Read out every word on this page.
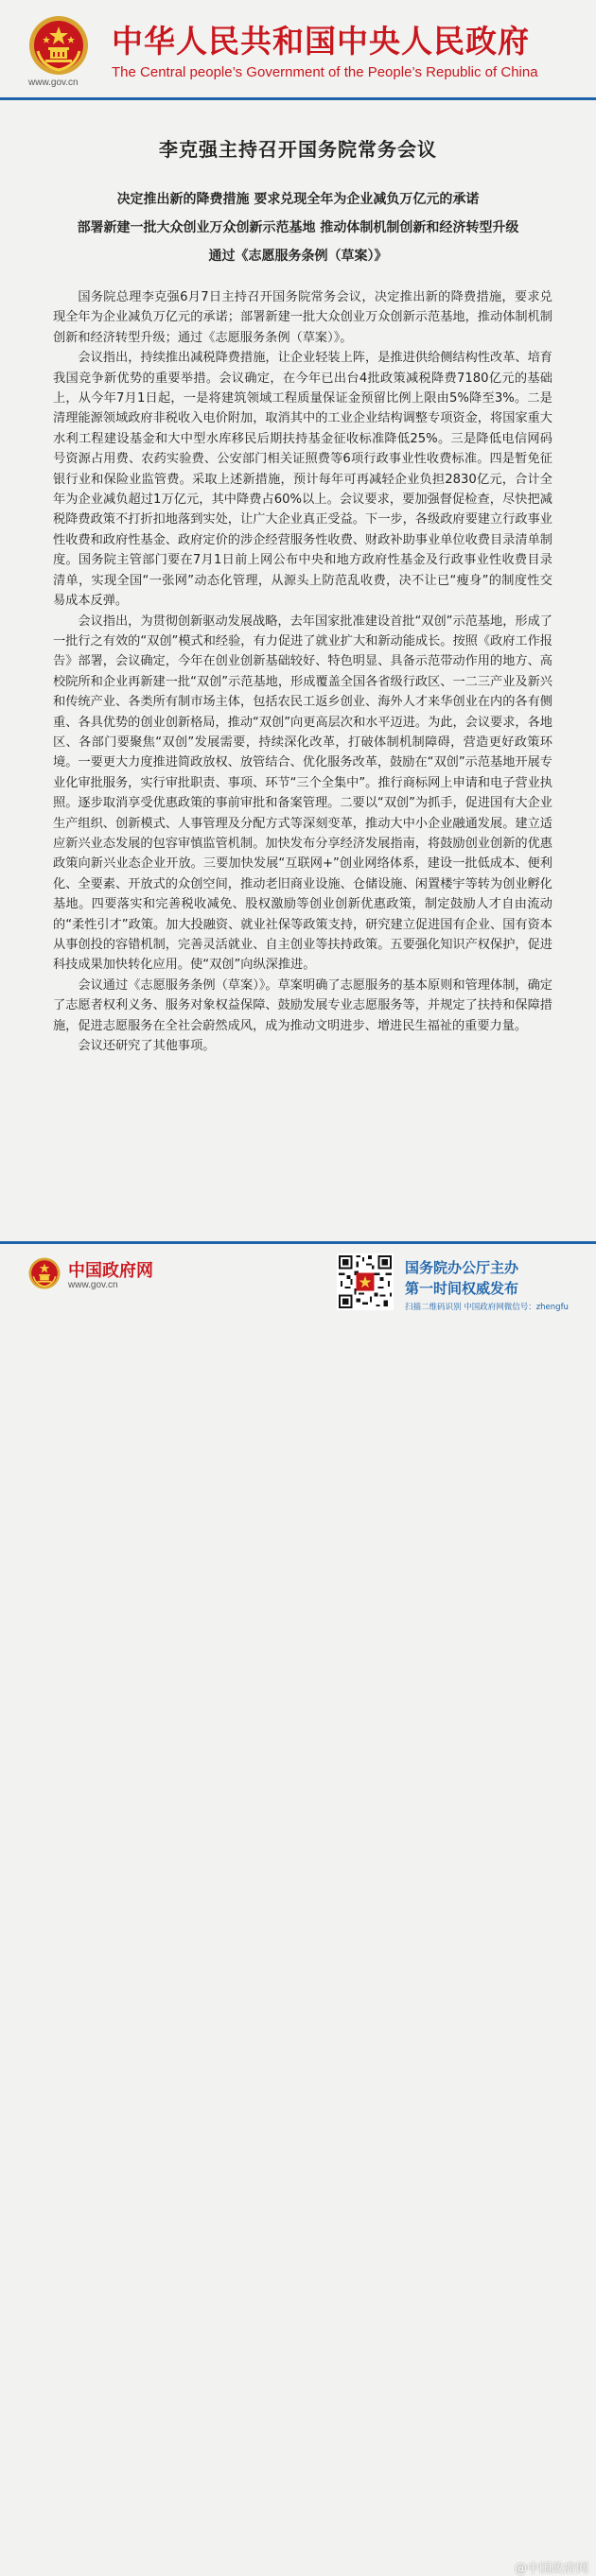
www.gov.cn
中华人民共和国中央人民政府
The Central people’s Government of the People’s Republic of China
李克强主持召开国务院常务会议
决定推出新的降费措施 要求兑现全年为企业减负万亿元的承诺
部署新建一批大众创业万众创新示范基地 推动体制机制创新和经济转型升级
通过《志愿服务条例（草案）》

国务院总理李克强6月7日主持召开国务院常务会议，决定推出新的降费措施，要求兑现全年为企业减负万亿元的承诺；部署新建一批大众创业万众创新示范基地，推动体制机制创新和经济转型升级；通过《志愿服务条例（草案）》。

会议指出，持续推出减税降费措施，让企业轻装上阵，是推进供给侧结构性改革、培育我国竞争新优势的重要举措。会议确定，在今年已出台4批政策减税降费7180亿元的基础上，从今年7月1日起，一是将建筑领域工程质量保证金预留比例上限由5%降至3%。二是清理能源领域政府非税收入电价附加，取消其中的工业企业结构调整专项资金，将国家重大水利工程建设基金和大中型水库移民后期扶持基金征收标准降低25%。三是降低电信网码号资源占用费、农药实验费、公安部门相关证照费等6项行政事业性收费标准。四是暂免征银行业和保险业监管费。采取上述新措施，预计每年可再减轻企业负担2830亿元，合计全年为企业减负超过1万亿元，其中降费占60%以上。会议要求，要加强督促检查，尽快把减税降费政策不打折扣地落到实处，让广大企业真正受益。下一步，各级政府要建立行政事业性收费和政府性基金、政府定价的涉企经营服务性收费、财政补助事业单位收费目录清单制度。国务院主管部门要在7月1日前上网公布中央和地方政府性基金及行政事业性收费目录清单，实现全国“一张网”动态化管理，从源头上防范乱收费，决不让已“瘦身”的制度性交易成本反弹。

会议指出，为贯彻创新驱动发展战略，去年国家批准建设首批“双创”示范基地，形成了一批行之有效的“双创”模式和经验，有力促进了就业扩大和新动能成长。按照《政府工作报告》部署，会议确定，今年在创业创新基础较好、特色明显、具备示范带动作用的地方、高校院所和企业再新建一批“双创”示范基地，形成覆盖全国各省级行政区、一二三产业及新兴和传统产业、各类所有制市场主体，包括农民工返乡创业、海外人才来华创业在内的各有侧重、各具优势的创业创新格局，推动“双创”向更高层次和水平迈进。为此，会议要求，各地区、各部门要聚焦“双创”发展需要，持续深化改革，打破体制机制障碍，营造更好政策环境。一要更大力度推进简政放权、放管结合、优化服务改革，鼓励在“双创”示范基地开展专业化审批服务，实行审批职责、事项、环节“三个全集中”。推行商标网上申请和电子营业执照。逐步取消享受优惠政策的事前审批和备案管理。二要以“双创”为抓手，促进国有大企业生产组织、创新模式、人事管理及分配方式等深刻变革，推动大中小企业融通发展。建立适应新兴业态发展的包容审慎监管机制。加快发布分享经济发展指南，将鼓励创业创新的优惠政策向新兴业态企业开放。三要加快发展“互联网+”创业网络体系，建设一批低成本、便利化、全要素、开放式的众创空间，推动老旧商业设施、仓储设施、闲置楼宇等转为创业孵化基地。四要落实和完善税收减免、股权激励等创业创新优惠政策，制定鼓励人才自由流动的“柔性引才”政策。加大投融资、就业社保等政策支持，研究建立促进国有企业、国有资本从事创投的容错机制，完善灵活就业、自主创业等扶持政策。五要强化知识产权保护，促进科技成果加快转化应用。使“双创”向纵深推进。

会议通过《志愿服务条例（草案）》。草案明确了志愿服务的基本原则和管理体制，确定了志愿者权利义务、服务对象权益保障、鼓励发展专业志愿服务等，并规定了扶持和保障措施，促进志愿服务在全社会蔚然成风，成为推动文明进步、增进民生福祉的重要力量。

会议还研究了其他事项。

中国政府网
www.gov.cn
国务院办公厅主办
第一时间权威发布
扫描二维码识别 中国政府网微信号：zhengfu
@中国政府网
